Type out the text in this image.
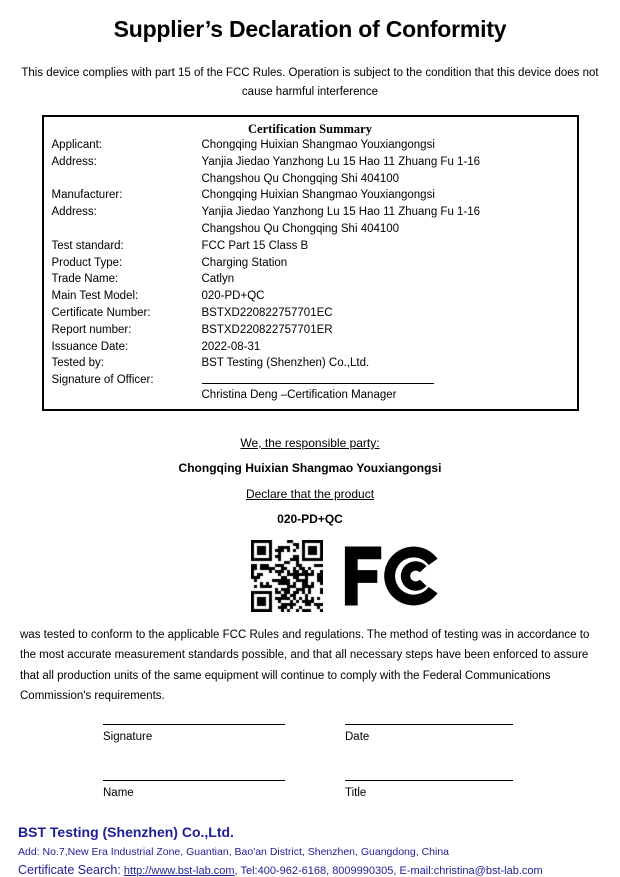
Supplier’s Declaration of Conformity
This device complies with part 15 of the FCC Rules. Operation is subject to the condition that this device does not cause harmful interference
Certification Summary
Applicant:	Chongqing Huixian Shangmao Youxiangongsi
Address:	Yanjia Jiedao Yanzhong Lu 15 Hao 11 Zhuang Fu 1-16
Changshou Qu Chongqing Shi 404100
Manufacturer:	Chongqing Huixian Shangmao Youxiangongsi
Address:	Yanjia Jiedao Yanzhong Lu 15 Hao 11 Zhuang Fu 1-16
Changshou Qu Chongqing Shi 404100
Test standard:	FCC Part 15 Class B
Product Type:	Charging Station
Trade Name:	Catlyn
Main Test Model:	020-PD+QC
Certificate Number:	BSTXD220822757701EC
Report number:	BSTXD220822757701ER
Issuance Date:	2022-08-31
Tested by:	BST Testing (Shenzhen) Co.,Ltd.
Signature of Officer:
Christina Deng –Certification Manager
We, the responsible party:
Chongqing Huixian Shangmao Youxiangongsi
Declare that the product
020-PD+QC
was tested to conform to the applicable FCC Rules and regulations. The method of testing was in accordance to the most accurate measurement standards possible, and that all necessary steps have been enforced to assure that all production units of the same equipment will continue to comply with the Federal Communications Commission's requirements.
Signature	Date
Name	Title
BST Testing (Shenzhen) Co.,Ltd.
Add: No.7,New Era Industrial Zone, Guantian, Bao'an District, Shenzhen, Guangdong, China
Certificate Search: http://www.bst-lab.com, Tel:400-962-6168, 8009990305, E-mail:christina@bst-lab.com
